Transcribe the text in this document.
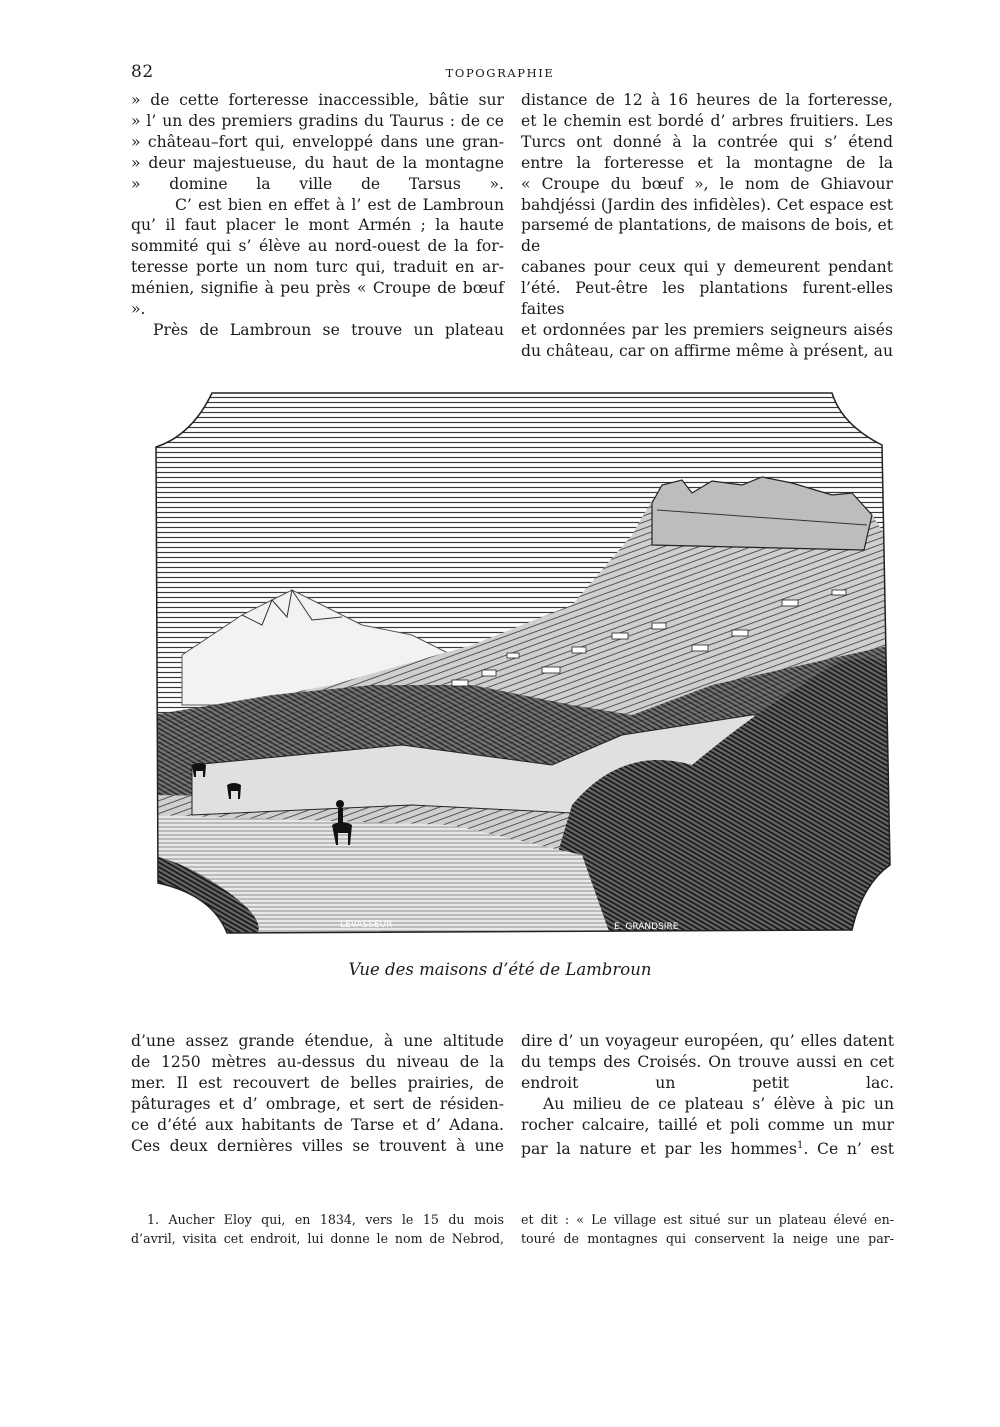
82	TOPOGRAPHIE
» de cette forteresse inaccessible, bâtie sur
» l’ un des premiers gradins du Taurus : de ce
» château–fort qui, enveloppé dans une gran-
» deur majestueuse, du haut de la montagne
» domine la ville de Tarsus ».
C’ est bien en effet à l’ est de Lambroun
qu’ il faut placer le mont Armén ; la haute
sommité qui s’ élève au nord-ouest de la for-
teresse porte un nom turc qui, traduit en ar-
ménien, signifie à peu près « Croupe de bœuf ».
Près de Lambroun se trouve un plateau
distance de 12 à 16 heures de la forteresse,
et le chemin est bordé d’ arbres fruitiers. Les
Turcs ont donné à la contrée qui s’ étend
entre la forteresse et la montagne de la
« Croupe du bœuf », le nom de Ghiavour
bahdjéssi (Jardin des infidèles). Cet espace est
parsemé de plantations, de maisons de bois, et de
cabanes pour ceux qui y demeurent pendant
l’été. Peut-être les plantations furent-elles faites
et ordonnées par les premiers seigneurs aisés
du château, car on affirme même à présent, au
LEVASSEUR	E. GRANDSIRE
Vue des maisons d’été de Lambroun
d’une assez grande étendue, à une altitude
de 1250 mètres au-dessus du niveau de la
mer. Il est recouvert de belles prairies, de
pâturages et d’ ombrage, et sert de résiden-
ce d’été aux habitants de Tarse et d’ Adana.
Ces deux dernières villes se trouvent à une
dire d’ un voyageur européen, qu’ elles datent
du temps des Croisés. On trouve aussi en cet
endroit un petit lac.
Au milieu de ce plateau s’ élève à pic un
rocher calcaire, taillé et poli comme un mur
par la nature et par les hommes$^1$. Ce n’ est
1. Aucher Eloy qui, en 1834, vers le 15 du mois
d’avril, visita cet endroit, lui donne le nom de Nebrod,
et dit : « Le village est situé sur un plateau élevé en-
touré de montagnes qui conservent la neige une par-
